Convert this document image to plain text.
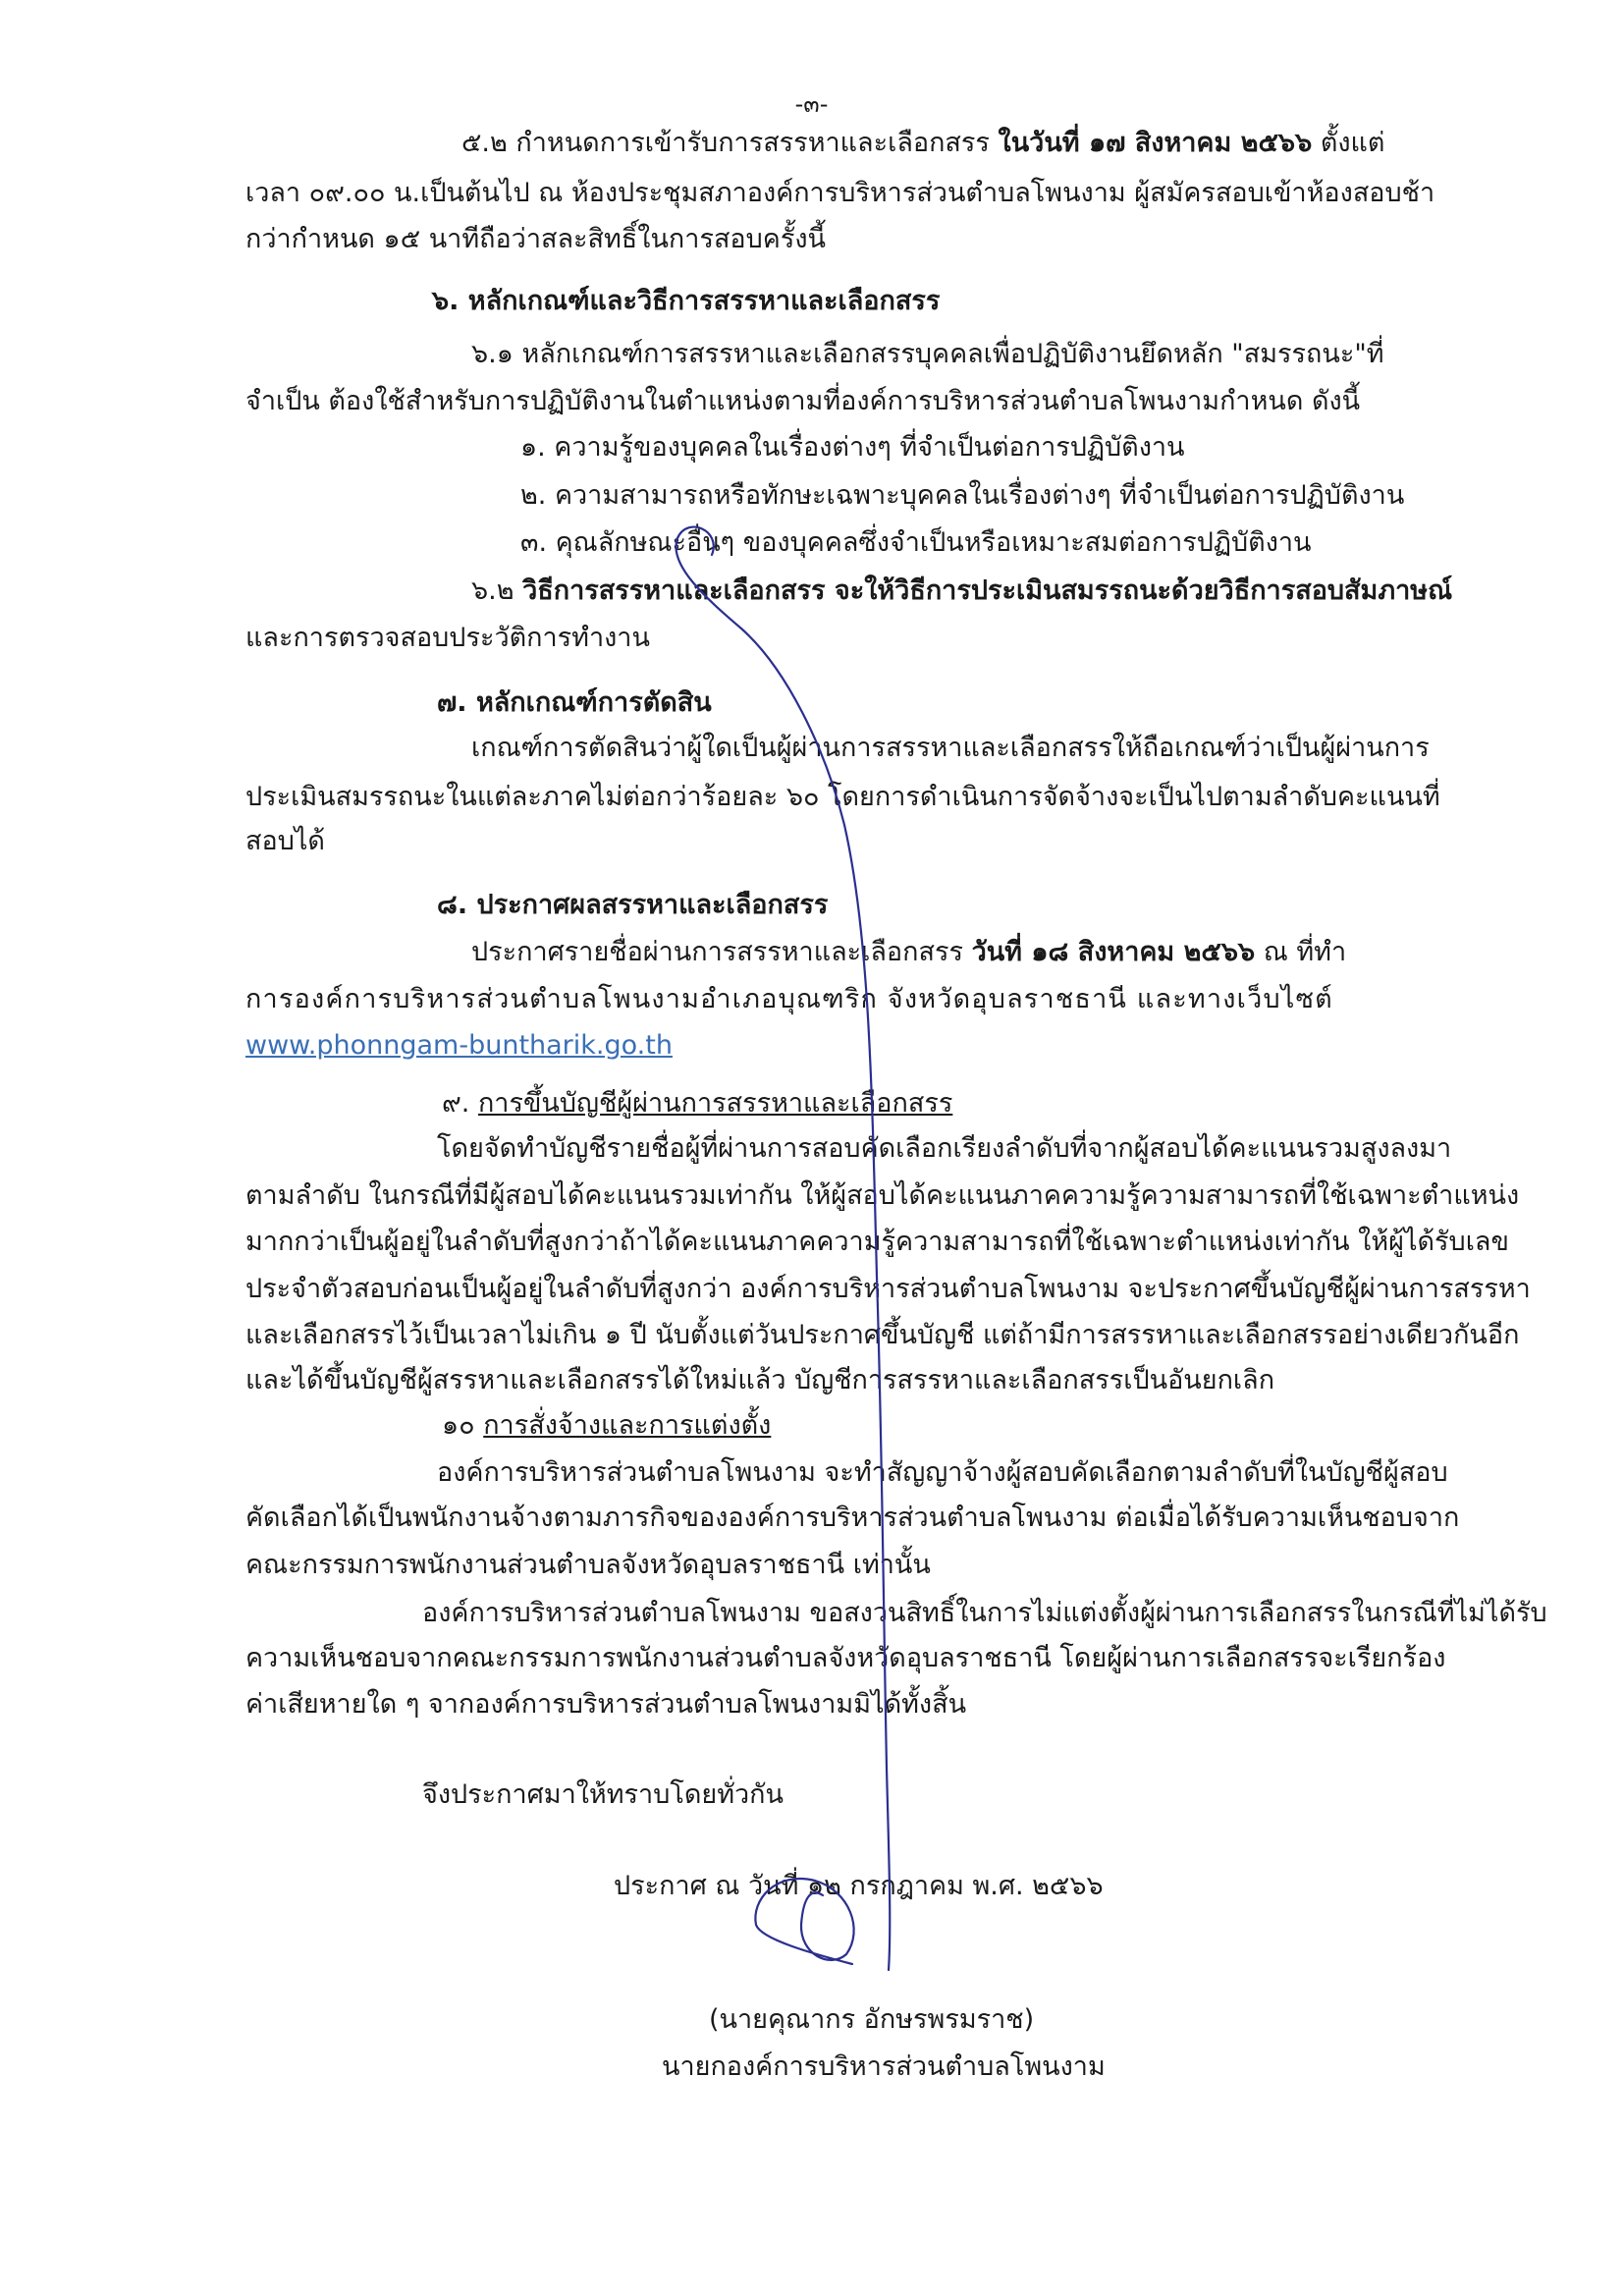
-๓-

๕.๒ กำหนดการเข้ารับการสรรหาและเลือกสรร ในวันที่ ๑๗ สิงหาคม ๒๕๖๖ ตั้งแต่

เวลา ๐๙.๐๐ น.เป็นต้นไป ณ ห้องประชุมสภาองค์การบริหารส่วนตำบลโพนงาม ผู้สมัครสอบเข้าห้องสอบช้า

กว่ากำหนด ๑๕ นาทีถือว่าสละสิทธิ์ในการสอบครั้งนี้

๖. หลักเกณฑ์และวิธีการสรรหาและเลือกสรร

๖.๑ หลักเกณฑ์การสรรหาและเลือกสรรบุคคลเพื่อปฏิบัติงานยึดหลัก "สมรรถนะ"ที่

จำเป็น ต้องใช้สำหรับการปฏิบัติงานในตำแหน่งตามที่องค์การบริหารส่วนตำบลโพนงามกำหนด ดังนี้

๑. ความรู้ของบุคคลในเรื่องต่างๆ ที่จำเป็นต่อการปฏิบัติงาน

๒. ความสามารถหรือทักษะเฉพาะบุคคลในเรื่องต่างๆ ที่จำเป็นต่อการปฏิบัติงาน

๓. คุณลักษณะอื่นๆ ของบุคคลซึ่งจำเป็นหรือเหมาะสมต่อการปฏิบัติงาน

๖.๒ วิธีการสรรหาและเลือกสรร จะให้วิธีการประเมินสมรรถนะด้วยวิธีการสอบสัมภาษณ์

และการตรวจสอบประวัติการทำงาน

๗. หลักเกณฑ์การตัดสิน

เกณฑ์การตัดสินว่าผู้ใดเป็นผู้ผ่านการสรรหาและเลือกสรรให้ถือเกณฑ์ว่าเป็นผู้ผ่านการ

ประเมินสมรรถนะในแต่ละภาคไม่ต่อกว่าร้อยละ ๖๐ โดยการดำเนินการจัดจ้างจะเป็นไปตามลำดับคะแนนที่

สอบได้

๘. ประกาศผลสรรหาและเลือกสรร

ประกาศรายชื่อผ่านการสรรหาและเลือกสรร วันที่ ๑๘ สิงหาคม ๒๕๖๖ ณ ที่ทำ

การองค์การบริหารส่วนตำบลโพนงามอำเภอบุณฑริก จังหวัดอุบลราชธานี และทางเว็บไซต์

www.phonngam-buntharik.go.th

๙. การขึ้นบัญชีผู้ผ่านการสรรหาและเลือกสรร

โดยจัดทำบัญชีรายชื่อผู้ที่ผ่านการสอบคัดเลือกเรียงลำดับที่จากผู้สอบได้คะแนนรวมสูงลงมา

ตามลำดับ ในกรณีที่มีผู้สอบได้คะแนนรวมเท่ากัน ให้ผู้สอบได้คะแนนภาคความรู้ความสามารถที่ใช้เฉพาะตำแหน่ง

มากกว่าเป็นผู้อยู่ในลำดับที่สูงกว่าถ้าได้คะแนนภาคความรู้ความสามารถที่ใช้เฉพาะตำแหน่งเท่ากัน ให้ผู้ได้รับเลข

ประจำตัวสอบก่อนเป็นผู้อยู่ในลำดับที่สูงกว่า องค์การบริหารส่วนตำบลโพนงาม จะประกาศขึ้นบัญชีผู้ผ่านการสรรหา

และเลือกสรรไว้เป็นเวลาไม่เกิน ๑ ปี นับตั้งแต่วันประกาศขึ้นบัญชี แต่ถ้ามีการสรรหาและเลือกสรรอย่างเดียวกันอีก

และได้ขึ้นบัญชีผู้สรรหาและเลือกสรรได้ใหม่แล้ว บัญชีการสรรหาและเลือกสรรเป็นอันยกเลิก

๑๐ การสั่งจ้างและการแต่งตั้ง

องค์การบริหารส่วนตำบลโพนงาม จะทำสัญญาจ้างผู้สอบคัดเลือกตามลำดับที่ในบัญชีผู้สอบ

คัดเลือกได้เป็นพนักงานจ้างตามภารกิจขององค์การบริหารส่วนตำบลโพนงาม ต่อเมื่อได้รับความเห็นชอบจาก

คณะกรรมการพนักงานส่วนตำบลจังหวัดอุบลราชธานี เท่านั้น

องค์การบริหารส่วนตำบลโพนงาม ขอสงวนสิทธิ์ในการไม่แต่งตั้งผู้ผ่านการเลือกสรรในกรณีที่ไม่ได้รับ

ความเห็นชอบจากคณะกรรมการพนักงานส่วนตำบลจังหวัดอุบลราชธานี โดยผู้ผ่านการเลือกสรรจะเรียกร้อง

ค่าเสียหายใด ๆ จากองค์การบริหารส่วนตำบลโพนงามมิได้ทั้งสิ้น

จึงประกาศมาให้ทราบโดยทั่วกัน

ประกาศ ณ วันที่ ๑๒ กรกฎาคม พ.ศ. ๒๕๖๖

(นายคุณากร อักษรพรมราช)

นายกองค์การบริหารส่วนตำบลโพนงาม
